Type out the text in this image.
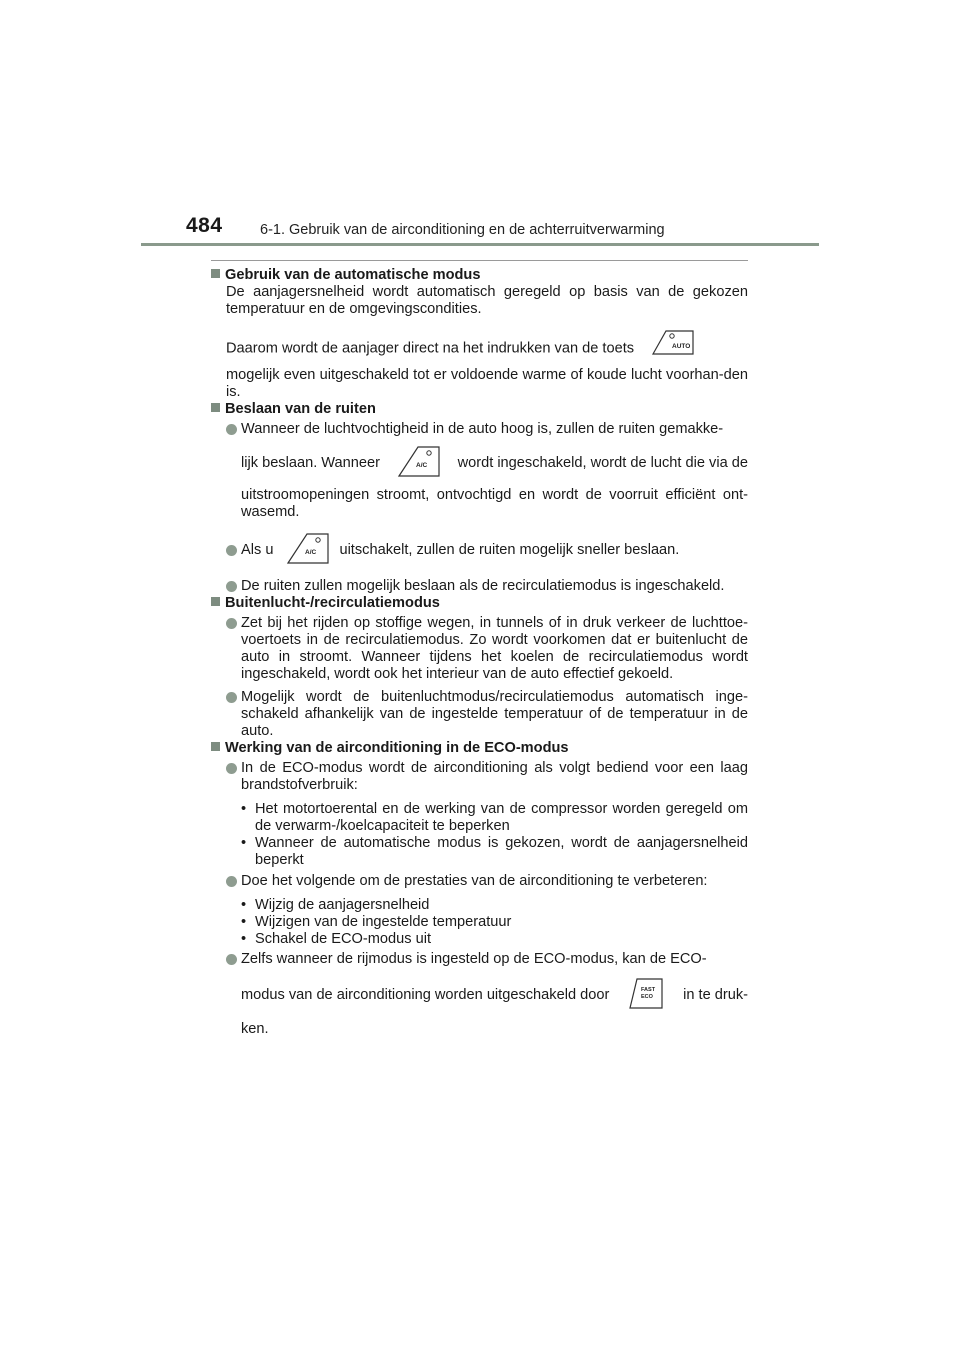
484	6-1. Gebruik van de airconditioning en de achterruitverwarming
Gebruik van de automatische modus
De aanjagersnelheid wordt automatisch geregeld op basis van de gekozen temperatuur en de omgevingscondities.
Daarom wordt de aanjager direct na het indrukken van de toets	AUTO
mogelijk even uitgeschakeld tot er voldoende warme of koude lucht voorhan-den is.
Beslaan van de ruiten
Wanneer de luchtvochtigheid in de auto hoog is, zullen de ruiten gemakke-
lijk beslaan. Wanneer	A/C wordt ingeschakeld, wordt de lucht die via de
uitstroomopeningen stroomt, ontvochtigd en wordt de voorruit efficiënt ont-wasemd.
Als u	A/C uitschakelt, zullen de ruiten mogelijk sneller beslaan.
De ruiten zullen mogelijk beslaan als de recirculatiemodus is ingeschakeld.
Buitenlucht-/recirculatiemodus
Zet bij het rijden op stoffige wegen, in tunnels of in druk verkeer de luchttoe-voertoets in de recirculatiemodus. Zo wordt voorkomen dat er buitenlucht de auto in stroomt. Wanneer tijdens het koelen de recirculatiemodus wordt ingeschakeld, wordt ook het interieur van de auto effectief gekoeld.
Mogelijk wordt de buitenluchtmodus/recirculatiemodus automatisch inge-schakeld afhankelijk van de ingestelde temperatuur of de temperatuur in de auto.
Werking van de airconditioning in de ECO-modus
In de ECO-modus wordt de airconditioning als volgt bediend voor een laag brandstofverbruik:
• Het motortoerental en de werking van de compressor worden geregeld om de verwarm-/koelcapaciteit te beperken
• Wanneer de automatische modus is gekozen, wordt de aanjagersnelheid beperkt
Doe het volgende om de prestaties van de airconditioning te verbeteren:
• Wijzig de aanjagersnelheid
• Wijzigen van de ingestelde temperatuur
• Schakel de ECO-modus uit
Zelfs wanneer de rijmodus is ingesteld op de ECO-modus, kan de ECO-
modus van de airconditioning worden uitgeschakeld door	FAST
ECO in te druk-
ken.
